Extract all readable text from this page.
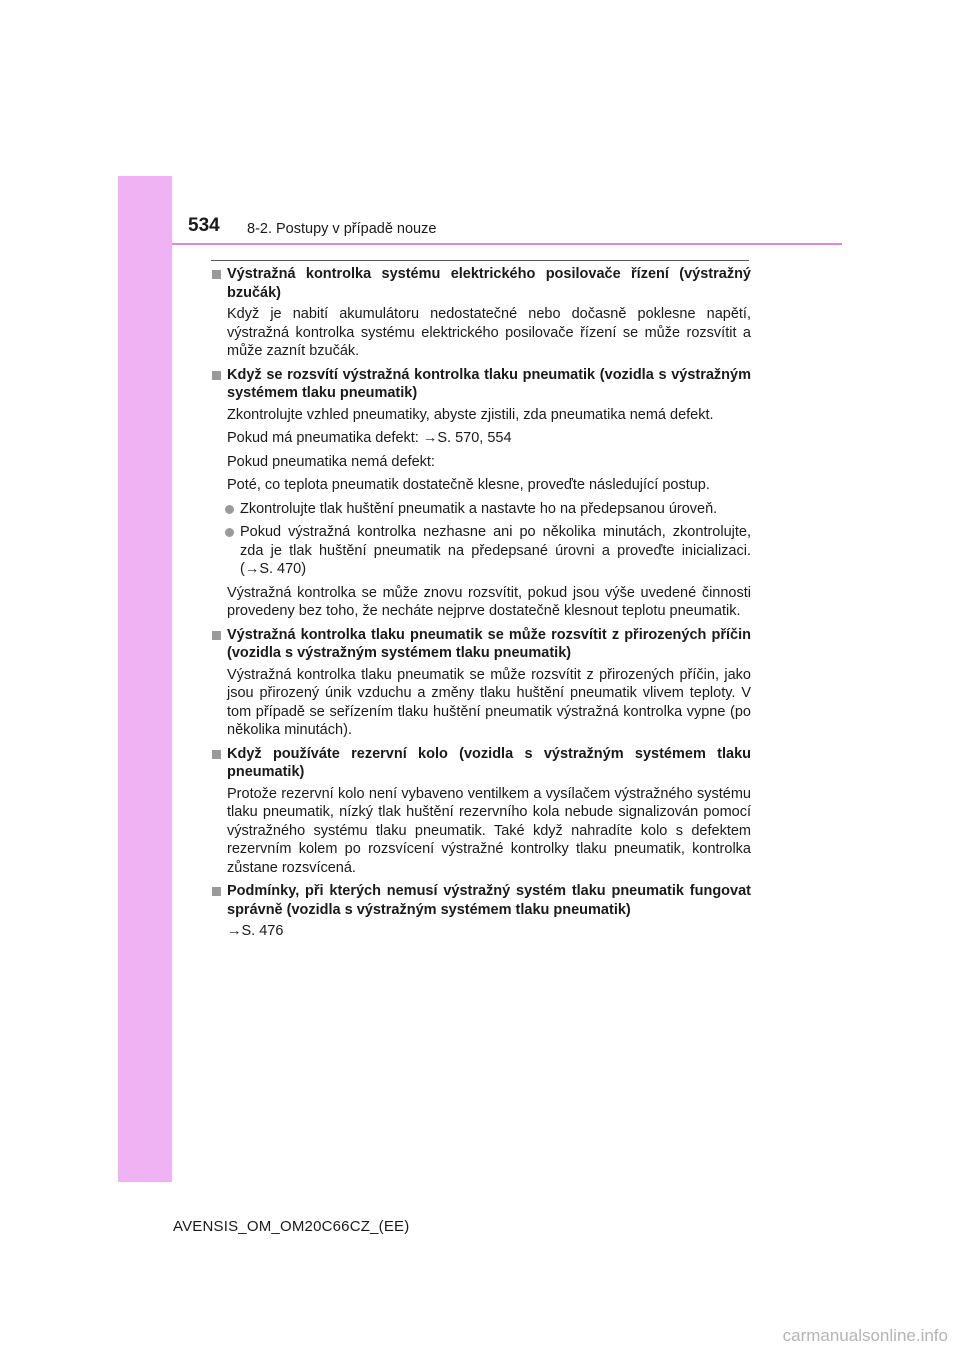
534 8-2. Postupy v případě nouze
Výstražná kontrolka systému elektrického posilovače řízení (výstražný bzučák)
Když je nabití akumulátoru nedostatečné nebo dočasně poklesne napětí, výstražná kontrolka systému elektrického posilovače řízení se může rozsvítit a může zaznít bzučák.
Když se rozsvítí výstražná kontrolka tlaku pneumatik (vozidla s výstražným systémem tlaku pneumatik)
Zkontrolujte vzhled pneumatiky, abyste zjistili, zda pneumatika nemá defekt.
Pokud má pneumatika defekt: →S. 570, 554
Pokud pneumatika nemá defekt:
Poté, co teplota pneumatik dostatečně klesne, proveďte následující postup.
Zkontrolujte tlak huštění pneumatik a nastavte ho na předepsanou úroveň.
Pokud výstražná kontrolka nezhasne ani po několika minutách, zkontrolujte, zda je tlak huštění pneumatik na předepsané úrovni a proveďte inicializaci. (→S. 470)
Výstražná kontrolka se může znovu rozsvítit, pokud jsou výše uvedené činnosti provedeny bez toho, že necháte nejprve dostatečně klesnout teplotu pneumatik.
Výstražná kontrolka tlaku pneumatik se může rozsvítit z přirozených příčin (vozidla s výstražným systémem tlaku pneumatik)
Výstražná kontrolka tlaku pneumatik se může rozsvítit z přirozených příčin, jako jsou přirozený únik vzduchu a změny tlaku huštění pneumatik vlivem teploty. V tom případě se seřízením tlaku huštění pneumatik výstražná kontrolka vypne (po několika minutách).
Když používáte rezervní kolo (vozidla s výstražným systémem tlaku pneumatik)
Protože rezervní kolo není vybaveno ventilkem a vysílačem výstražného systému tlaku pneumatik, nízký tlak huštění rezervního kola nebude signalizován pomocí výstražného systému tlaku pneumatik. Také když nahradíte kolo s defektem rezervním kolem po rozsvícení výstražné kontrolky tlaku pneumatik, kontrolka zůstane rozsvícená.
Podmínky, při kterých nemusí výstražný systém tlaku pneumatik fungovat správně (vozidla s výstražným systémem tlaku pneumatik)
→S. 476
AVENSIS_OM_OM20C66CZ_(EE)
carmanualsonline.info
